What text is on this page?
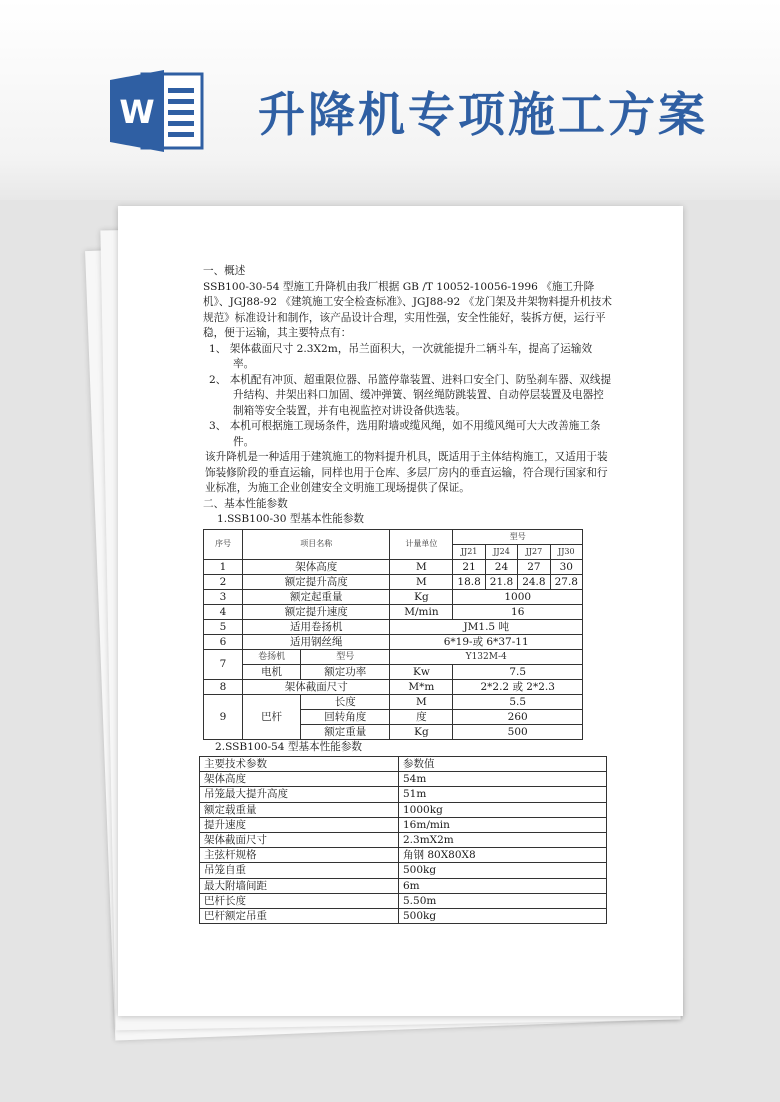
W 升降机专项施工方案

一、概述

SSB100-30-54 型施工升降机由我厂根据 GB /T 10052-10056-1996 《施工升降机》、JGJ88-92 《建筑施工安全检查标准》、JGJ88-92 《龙门架及井架物料提升机技术规范》标准设计和制作，该产品设计合理，实用性强，安全性能好，装拆方便，运行平稳，便于运输，其主要特点有：

1、 架体截面尺寸 2.3X2m，吊兰面积大，一次就能提升二辆斗车，提高了运输效率。

2、 本机配有冲顶、超重限位器、吊篮停靠装置、进料口安全门、防坠刹车器、双线提升结构、井架出料口加固、缓冲弹簧、钢丝绳防跳装置、自动停层装置及电器控制箱等安全装置，并有电视监控对讲设备供选装。

3、 本机可根据施工现场条件，选用附墙或缆风绳，如不用缆风绳可大大改善施工条件。

该升降机是一种适用于建筑施工的物料提升机具，既适用于主体结构施工，又适用于装饰装修阶段的垂直运输，同样也用于仓库、多层厂房内的垂直运输，符合现行国家和行业标准，为施工企业创建安全文明施工现场提供了保证。

二、基本性能参数

1.SSB100-30 型基本性能参数

序号	项目名称		计量单位	型号			
				JJ21	JJ24	JJ27	JJ30
1	架体高度		M	21	24	27	30
2	额定提升高度		M	18.8	21.8	24.8	27.8
3	额定起重量		Kg	1000			
4	额定提升速度		M/min	16			
5	适用卷扬机		JM1.5 吨				
6	适用钢丝绳		6*19-或 6*37-11				
7	卷扬机	型号	Y132M-4				
	电机	额定功率	Kw	7.5			
8	架体截面尺寸		M*m	2*2.2 或 2*2.3			
9	巴杆	长度	M	5.5			
		回转角度	度	260			
		额定重量	Kg	500			

2.SSB100-54 型基本性能参数

主要技术参数	参数值
架体高度	54m
吊笼最大提升高度	51m
额定载重量	1000kg
提升速度	16m/min
架体截面尺寸	2.3mX2m
主弦杆规格	角钢 80X80X8
吊笼自重	500kg
最大附墙间距	6m
巴杆长度	5.50m
巴杆额定吊重	500kg
